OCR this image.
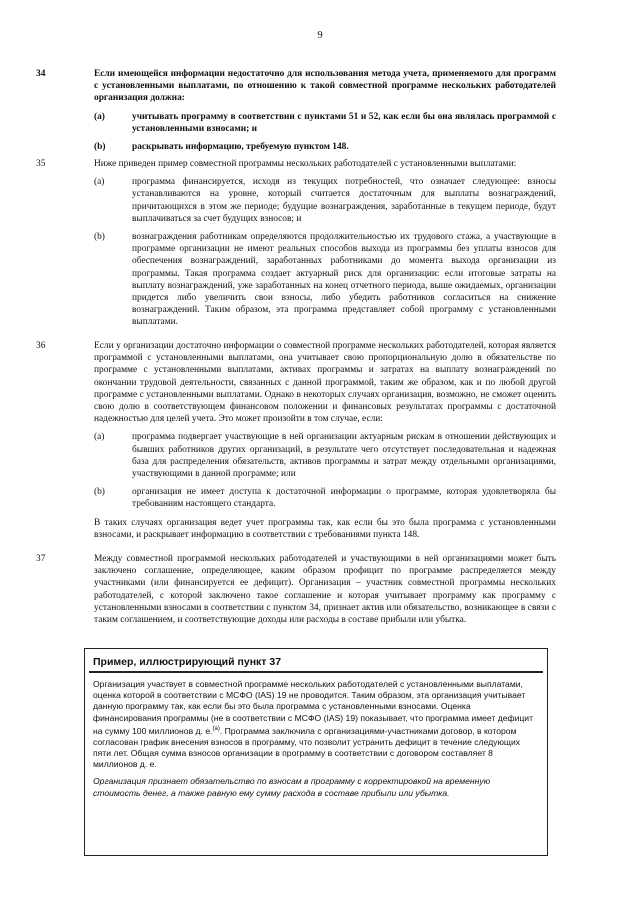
9
34	Если имеющейся информации недостаточно для использования метода учета, применяемого для программ с установленными выплатами, по отношению к такой совместной программе нескольких работодателей организация должна:

(a)	учитывать программу в соответствии с пунктами 51 и 52, как если бы она являлась программой с установленными взносами; и
(b)	раскрывать информацию, требуемую пунктом 148.
35	Ниже приведен пример совместной программы нескольких работодателей с установленными выплатами:

(a)	программа финансируется, исходя из текущих потребностей, что означает следующее: взносы устанавливаются на уровне, который считается достаточным для выплаты вознаграждений, причитающихся в этом же периоде; будущие вознаграждения, заработанные в текущем периоде, будут выплачиваться за счет будущих взносов; и
(b)	вознаграждения работникам определяются продолжительностью их трудового стажа, а участвующие в программе организации не имеют реальных способов выхода из программы без уплаты взносов для обеспечения вознаграждений, заработанных работниками до момента выхода организации из программы. Такая программа создает актуарный риск для организации: если итоговые затраты на выплату вознаграждений, уже заработанных на конец отчетного периода, выше ожидаемых, организации придется либо увеличить свои взносы, либо убедить работников согласиться на снижение вознаграждений. Таким образом, эта программа представляет собой программу с установленными выплатами.
36	Если у организации достаточно информации о совместной программе нескольких работодателей, которая является программой с установленными выплатами, она учитывает свою пропорциональную долю в обязательстве по программе с установленными выплатами, активах программы и затратах на выплату вознаграждений по окончании трудовой деятельности, связанных с данной программой, таким же образом, как и по любой другой программе с установленными выплатами. Однако в некоторых случаях организация, возможно, не сможет оценить свою долю в соответствующем финансовом положении и финансовых результатах программы с достаточной надежностью для целей учета. Это может произойти в том случае, если:

(a)	программа подвергает участвующие в ней организации актуарным рискам в отношении действующих и бывших работников других организаций, в результате чего отсутствует последовательная и надежная база для распределения обязательств, активов программы и затрат между отдельными организациями, участвующими в данной программе; или
(b)	организация не имеет доступа к достаточной информации о программе, которая удовлетворяла бы требованиям настоящего стандарта.

В таких случаях организация ведет учет программы так, как если бы это была программа с установленными взносами, и раскрывает информацию в соответствии с требованиями пункта 148.

37	Между совместной программой нескольких работодателей и участвующими в ней организациями может быть заключено соглашение, определяющее, каким образом профицит по программе распределяется между участниками (или финансируется ее дефицит). Организация – участник совместной программы нескольких работодателей, с которой заключено такое соглашение и которая учитывает программу как программу с установленными взносами в соответствии с пунктом 34, признает актив или обязательство, возникающее в связи с таким соглашением, и соответствующие доходы или расходы в составе прибыли или убытка.

Пример, иллюстрирующий пункт 37

Организация участвует в совместной программе нескольких работодателей с установленными выплатами, оценка которой в соответствии с МСФО (IAS) 19 не проводится. Таким образом, эта организация учитывает данную программу так, как если бы это была программа с установленными взносами. Оценка финансирования программы (не в соответствии с МСФО (IAS) 19) показывает, что программа имеет дефицит на сумму 100 миллионов д. е.$^{(a)}$. Программа заключила с организациями-участниками договор, в котором согласован график внесения взносов в программу, что позволит устранить дефицит в течение следующих пяти лет. Общая сумма взносов организации в программу в соответствии с договором составляет 8 миллионов д. е.

Организация признает обязательство по взносам в программу с корректировкой на временную стоимость денег, а также равную ему сумму расхода в составе прибыли или убытка.
